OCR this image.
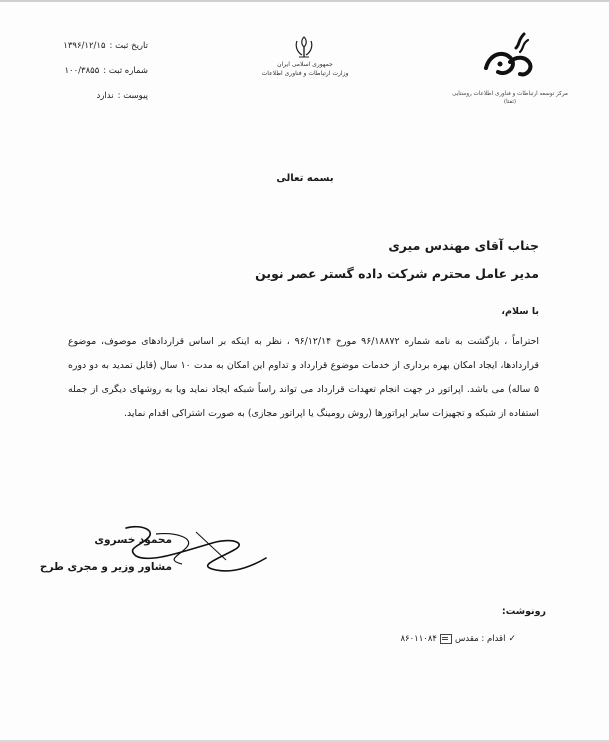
تاریخ ثبت :
۱۳۹۶/۱۲/۱۵
شماره ثبت :
۱۰۰/۳۸۵۵
پیوست :
ندارد
جمهوری اسلامی ایران
وزارت ارتباطات و فناوری اطلاعات
مرکز توسعه ارتباطات و فناوری اطلاعات روستایی
(تفتا)
بسمه تعالی
جناب آقای مهندس میری
مدیر عامل محترم شرکت داده گستر عصر نوین
با سلام،
احتراماً ، بازگشت به نامه شماره ۹۶/۱۸۸۷۲ مورخ ۹۶/۱۲/۱۴ ، نظر به اینکه بر اساس قراردادهای موصوف، موضوع قراردادها، ایجاد امکان بهره برداری از خدمات موضوع قرارداد و تداوم این امکان به مدت ۱۰ سال (قابل تمدید به دو دوره ۵ ساله) می باشد. اپراتور در جهت انجام تعهدات قرارداد می تواند راساً شبکه ایجاد نماید ویا به روشهای دیگری از جمله استفاده از شبکه و تجهیزات سایر اپراتورها (روش رومینگ یا اپراتور مجازی) به صورت اشتراکی اقدام نماید.
محمود خسروی
مشاور وزیر و مجری طرح
رونوشت:
✓
اقدام : مقدس
۸۶۰۱۱۰۸۴
